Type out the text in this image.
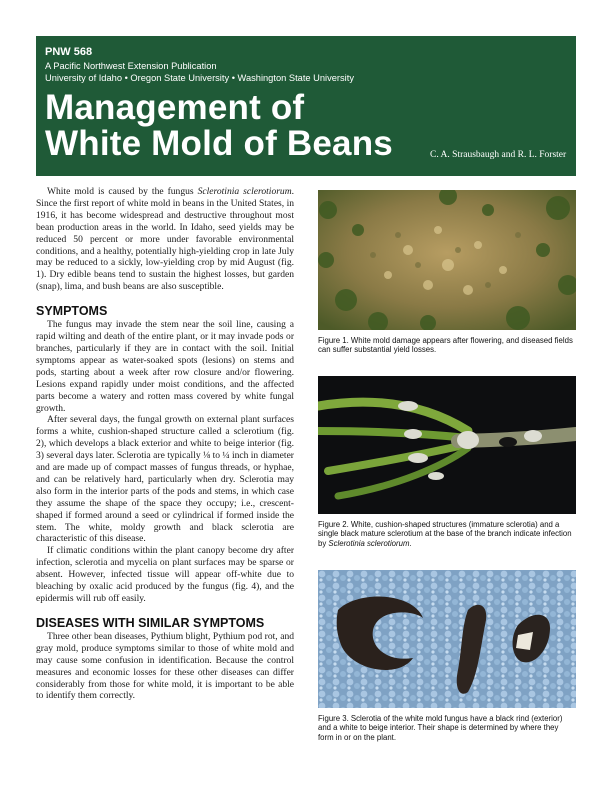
PNW 568
A Pacific Northwest Extension Publication
University of Idaho • Oregon State University • Washington State University
Management of
White Mold of Beans	C. A. Strausbaugh and R. L. Forster

White mold is caused by the fungus Sclerotinia sclerotiorum. Since the first report of white mold in beans in the United States, in 1916, it has become widespread and destructive throughout most bean production areas in the world. In Idaho, seed yields may be reduced 50 percent or more under favorable environmental conditions, and a healthy, potentially high-yielding crop in late July may be reduced to a sickly, low-yielding crop by mid August (fig. 1). Dry edible beans tend to sustain the highest losses, but garden (snap), lima, and bush beans are also susceptible.

SYMPTOMS

The fungus may invade the stem near the soil line, causing a rapid wilting and death of the entire plant, or it may invade pods or branches, particularly if they are in contact with the soil. Initial symptoms appear as water-soaked spots (lesions) on stems and pods, starting about a week after row closure and/or flowering. Lesions expand rapidly under moist conditions, and the affected parts become a watery and rotten mass covered by white fungal growth.

After several days, the fungal growth on external plant surfaces forms a white, cushion-shaped structure called a sclerotium (fig. 2), which develops a black exterior and white to beige interior (fig. 3) several days later. Sclerotia are typically ⅛ to ¼ inch in diameter and are made up of compact masses of fungus threads, or hyphae, and can be relatively hard, particularly when dry. Sclerotia may also form in the interior parts of the pods and stems, in which case they assume the shape of the space they occupy; i.e., crescent-shaped if formed around a seed or cylindrical if formed inside the stem. The white, moldy growth and black sclerotia are characteristic of this disease.

If climatic conditions within the plant canopy become dry after infection, sclerotia and mycelia on plant surfaces may be sparse or absent. However, infected tissue will appear off-white due to bleaching by oxalic acid produced by the fungus (fig. 4), and the epidermis will rub off easily.

DISEASES WITH SIMILAR SYMPTOMS

Three other bean diseases, Pythium blight, Pythium pod rot, and gray mold, produce symptoms similar to those of white mold and may cause some confusion in identification. Because the control measures and economic losses for these other diseases can differ considerably from those for white mold, it is important to be able to identify them correctly.

Figure 1. White mold damage appears after flowering, and diseased fields can suffer substantial yield losses.
Figure 2. White, cushion-shaped structures (immature sclerotia) and a single black mature sclerotium at the base of the branch indicate infection by Sclerotinia sclerotiorum.
Figure 3. Sclerotia of the white mold fungus have a black rind (exterior) and a white to beige interior. Their shape is determined by where they form in or on the plant.
